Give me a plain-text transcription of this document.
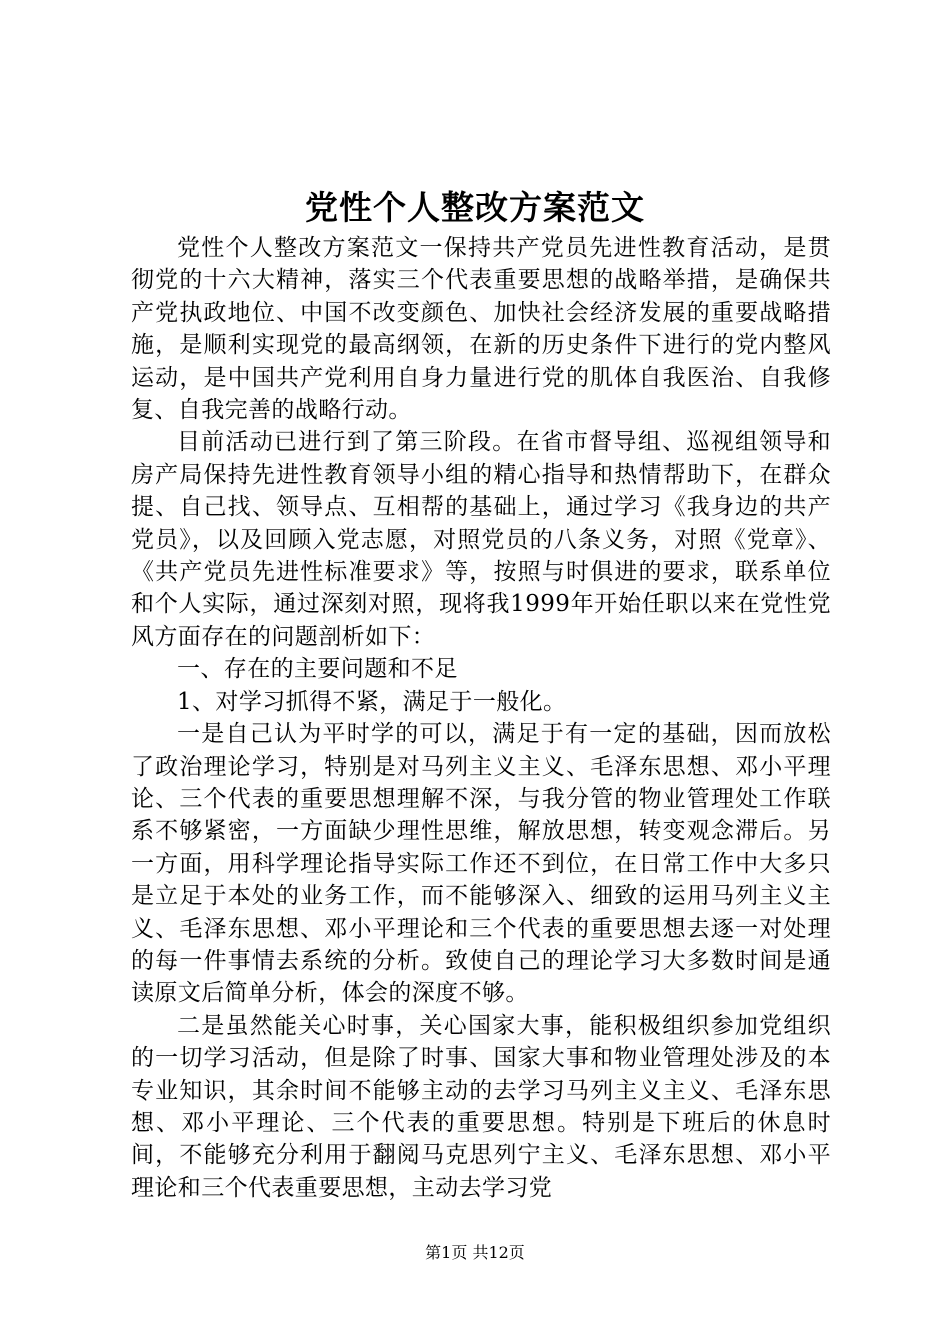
党性个人整改方案范文

党性个人整改方案范文一保持共产党员先进性教育活动，是贯彻党的十六大精神，落实三个代表重要思想的战略举措，是确保共产党执政地位、中国不改变颜色、加快社会经济发展的重要战略措施，是顺利实现党的最高纲领，在新的历史条件下进行的党内整风运动，是中国共产党利用自身力量进行党的肌体自我医治、自我修复、自我完善的战略行动。

目前活动已进行到了第三阶段。在省市督导组、巡视组领导和房产局保持先进性教育领导小组的精心指导和热情帮助下，在群众提、自己找、领导点、互相帮的基础上，通过学习《我身边的共产党员》，以及回顾入党志愿，对照党员的八条义务，对照《党章》、《共产党员先进性标准要求》等，按照与时俱进的要求，联系单位和个人实际，通过深刻对照，现将我1999年开始任职以来在党性党风方面存在的问题剖析如下：

一、存在的主要问题和不足

1、对学习抓得不紧，满足于一般化。

一是自己认为平时学的可以，满足于有一定的基础，因而放松了政治理论学习，特别是对马列主义主义、毛泽东思想、邓小平理论、三个代表的重要思想理解不深，与我分管的物业管理处工作联系不够紧密，一方面缺少理性思维，解放思想，转变观念滞后。另一方面，用科学理论指导实际工作还不到位，在日常工作中大多只是立足于本处的业务工作，而不能够深入、细致的运用马列主义主义、毛泽东思想、邓小平理论和三个代表的重要思想去逐一对处理的每一件事情去系统的分析。致使自己的理论学习大多数时间是通读原文后简单分析，体会的深度不够。

二是虽然能关心时事，关心国家大事，能积极组织参加党组织的一切学习活动，但是除了时事、国家大事和物业管理处涉及的本专业知识，其余时间不能够主动的去学习马列主义主义、毛泽东思想、邓小平理论、三个代表的重要思想。特别是下班后的休息时间，不能够充分利用于翻阅马克思列宁主义、毛泽东思想、邓小平理论和三个代表重要思想，主动去学习党

第1页 共12页
